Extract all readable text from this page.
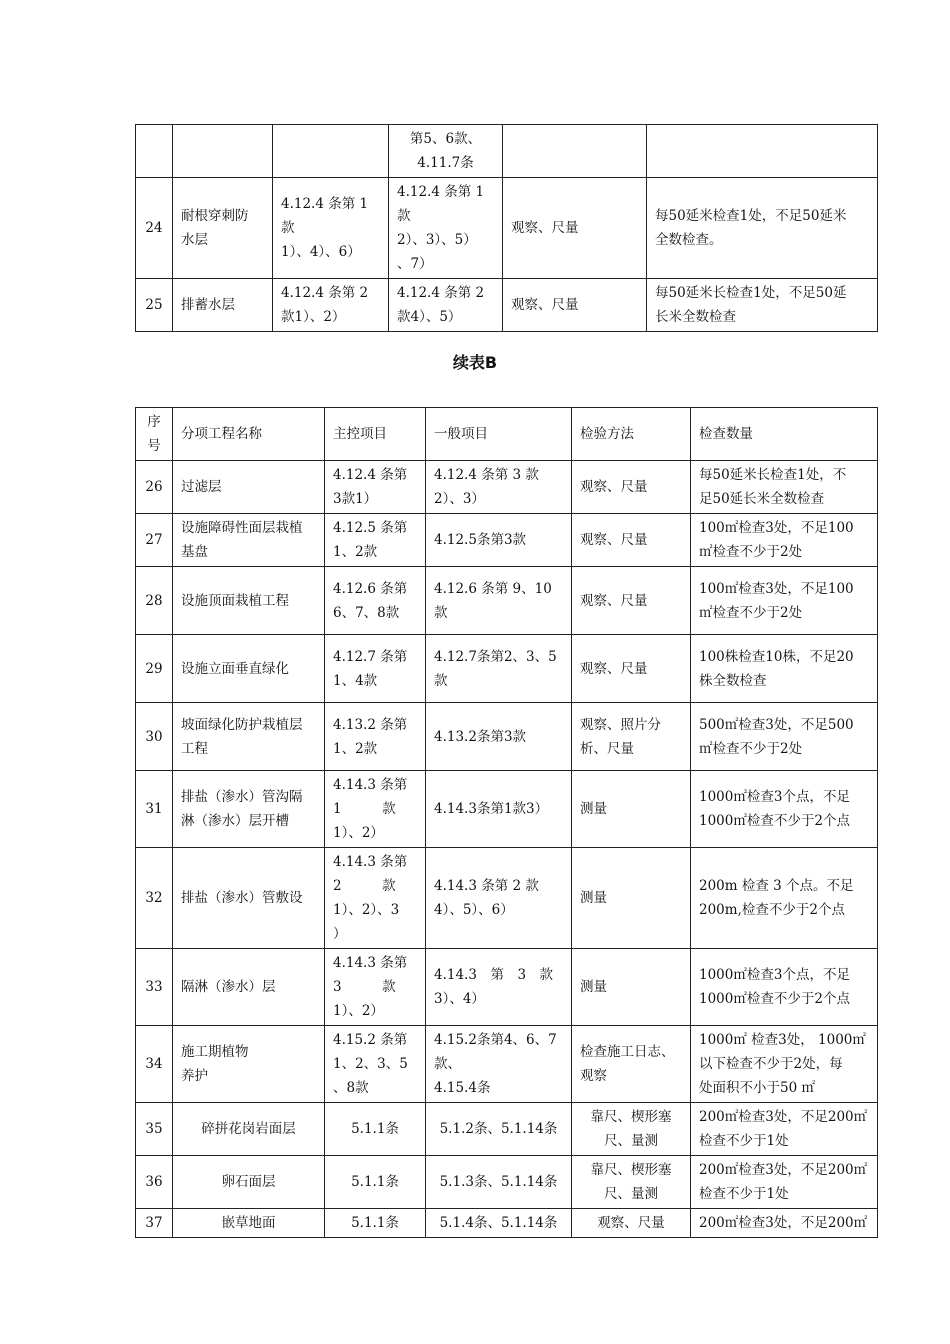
			第5、6款、
4.11.7条		

24	耐根穿刺防
水层	4.12.4 条第 1
款
1）、4）、6）	4.12.4 条第 1
款
2）、3）、5）
、7）	观察、尺量	每50延米检查1处，不足50延米
全数检查。

25	排蓄水层	4.12.4 条第 2
款1）、2）	4.12.4 条第 2
款4）、5）	观察、尺量	每50延米长检查1处，不足50延
长米全数检查
续表B
序
号	分项工程名称	主控项目	一般项目	检验方法	检查数量
26	过滤层	4.12.4 条第
3款1）	4.12.4 条第 3 款
2）、3）	观察、尺量	每50延米长检查1处，不
足50延长米全数检查

27	设施障碍性面层栽植
基盘	4.12.5 条第
1、2款	4.12.5条第3款	观察、尺量	100㎡检查3处，不足100
㎡检查不少于2处

28	设施顶面栽植工程	4.12.6 条第
6、7、8款	4.12.6 条第 9、10
款	观察、尺量	100㎡检查3处，不足100
㎡检查不少于2处

29	设施立面垂直绿化	4.12.7 条第
1、4款	4.12.7条第2、3、5
款	观察、尺量	100株检查10株，不足20
株全数检查

30	坡面绿化防护栽植层
工程	4.13.2 条第
1、2款	4.13.2条第3款	观察、照片分
析、尺量	500㎡检查3处，不足500
㎡检查不少于2处

31	排盐（渗水）管沟隔
淋（渗水）层开槽	4.14.3 条第
1　　　款
1）、2）	4.14.3条第1款3）	测量	1000㎡检查3个点，不足
1000㎡检查不少于2个点

32	排盐（渗水）管敷设	4.14.3 条第
2　　　款
1）、2）、3
）	4.14.3 条第 2 款
4）、5）、6）	测量	200m 检查 3 个点。不足
200m,检查不少于2个点

33	隔淋（渗水）层	4.14.3 条第
3　　　款
1）、2）	4.14.3　第　3　款
3）、4）	测量	1000㎡检查3个点，不足
1000㎡检查不少于2个点

34	施工期植物
养护	4.15.2 条第
1、2、3、5
、8款	4.15.2条第4、6、7
款、
4.15.4条	检查施工日志、
观察	1000㎡ 检查3处， 1000㎡
以下检查不少于2处，每
处面积不小于50 ㎡

35	碎拼花岗岩面层	5.1.1条	5.1.2条、5.1.14条	靠尺、楔形塞
尺、量测	200㎡检查3处，不足200㎡
检查不少于1处

36	卵石面层	5.1.1条	5.1.3条、5.1.14条	靠尺、楔形塞
尺、量测	200㎡检查3处，不足200㎡
检查不少于1处

37	嵌草地面	5.1.1条	5.1.4条、5.1.14条	观察、尺量	200㎡检查3处，不足200㎡
